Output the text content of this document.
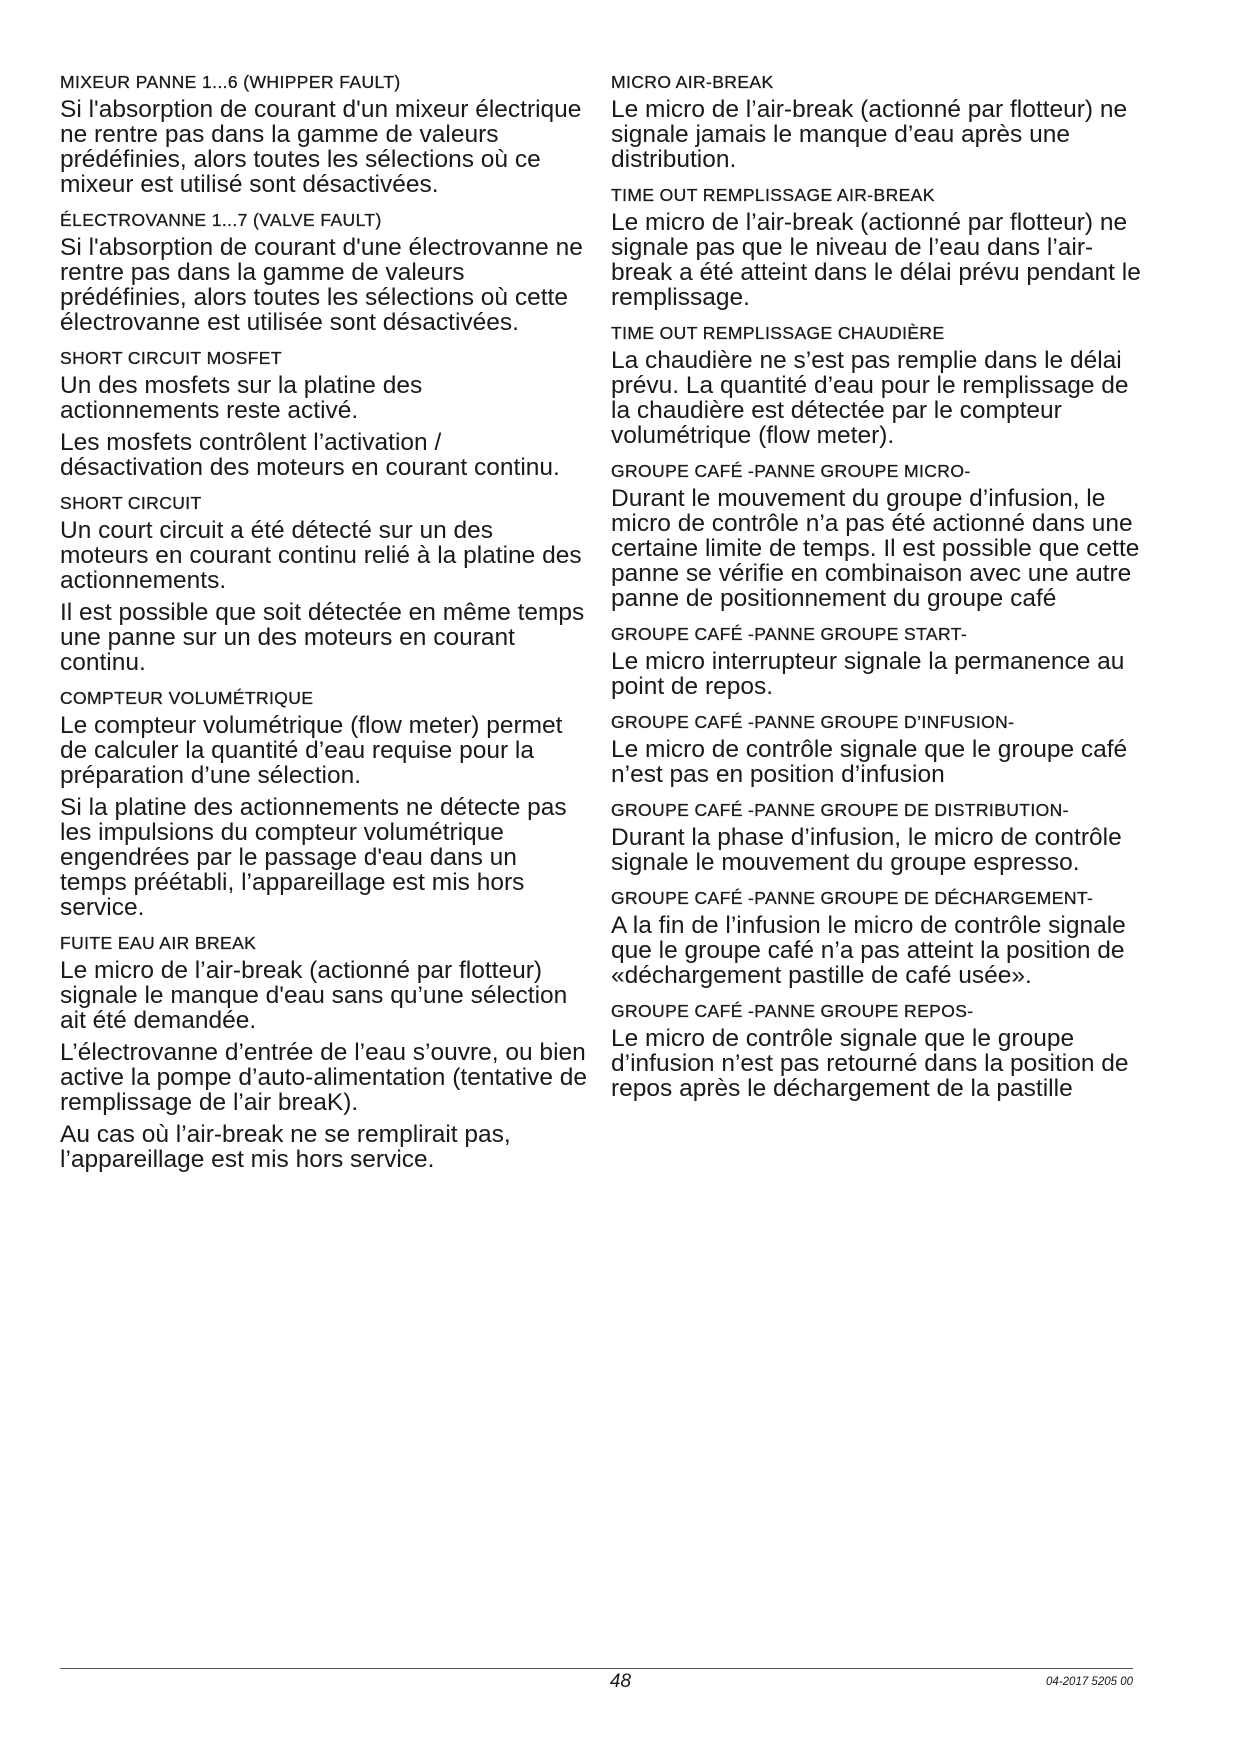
MIXEUR PANNE 1...6 (WHIPPER FAULT)
Si l'absorption de courant d'un mixeur électrique ne rentre pas dans la gamme de valeurs prédéfinies, alors toutes les sélections où ce mixeur est utilisé sont désactivées.
ÉLECTROVANNE 1...7 (VALVE FAULT)
Si l'absorption de courant d'une électrovanne ne rentre pas dans la gamme de valeurs prédéfinies, alors toutes les sélections où cette électrovanne est utilisée sont désactivées.
SHORT CIRCUIT MOSFET
Un des mosfets sur la platine des actionnements reste activé.
Les mosfets contrôlent l’activation / désactivation des moteurs en courant continu.
SHORT CIRCUIT
Un court circuit a été détecté sur un des moteurs en courant continu relié à la platine des actionnements.
Il est possible que soit détectée en même temps une panne sur un des moteurs en courant continu.
COMPTEUR VOLUMÉTRIQUE
Le compteur volumétrique (flow meter) permet de calculer la quantité d’eau requise pour la préparation d’une sélection.
Si la platine des actionnements ne détecte pas les impulsions du compteur volumétrique engendrées par le passage d'eau dans un temps préétabli, l’appareillage est mis hors service.
FUITE EAU AIR BREAK
Le micro de l’air-break (actionné par flotteur) signale le manque d'eau sans qu’une sélection ait été demandée.
L’électrovanne d’entrée de l’eau s’ouvre, ou bien active la pompe d’auto-alimentation (tentative de remplissage de l’air breaK).
Au cas où l’air-break ne se remplirait pas, l’appareillage est mis hors service.
MICRO AIR-BREAK
Le micro de l’air-break (actionné par flotteur) ne signale jamais le manque d’eau après une distribution.
TIME OUT REMPLISSAGE AIR-BREAK
Le micro de l’air-break (actionné par flotteur) ne signale pas que le niveau de l’eau dans l’air-break a été atteint dans le délai prévu pendant le remplissage.
TIME OUT REMPLISSAGE CHAUDIÈRE
La chaudière ne s’est pas remplie dans le délai prévu. La quantité d’eau pour le remplissage de la chaudière est détectée par le compteur volumétrique (flow meter).
GROUPE CAFÉ -PANNE GROUPE MICRO-
Durant le mouvement du groupe d’infusion, le micro de contrôle n’a pas été actionné dans une certaine limite de temps. Il est possible que cette panne se vérifie en combinaison avec une autre panne de positionnement du groupe café
GROUPE CAFÉ -PANNE GROUPE START-
Le micro interrupteur signale la permanence au point de repos.
GROUPE CAFÉ -PANNE GROUPE D’INFUSION-
Le micro de contrôle signale que le groupe café n’est pas en position d’infusion
GROUPE CAFÉ -PANNE GROUPE DE DISTRIBUTION-
Durant la phase d’infusion, le micro de contrôle signale le mouvement du groupe espresso.
GROUPE CAFÉ -PANNE GROUPE DE DÉCHARGEMENT-
A la fin de l’infusion le micro de contrôle signale que le groupe café n’a pas atteint la position de «déchargement pastille de café usée».
GROUPE CAFÉ -PANNE GROUPE REPOS-
Le micro de contrôle signale que le groupe d’infusion n’est pas retourné dans la position de repos après le déchargement de la pastille
48	04-2017 5205 00
